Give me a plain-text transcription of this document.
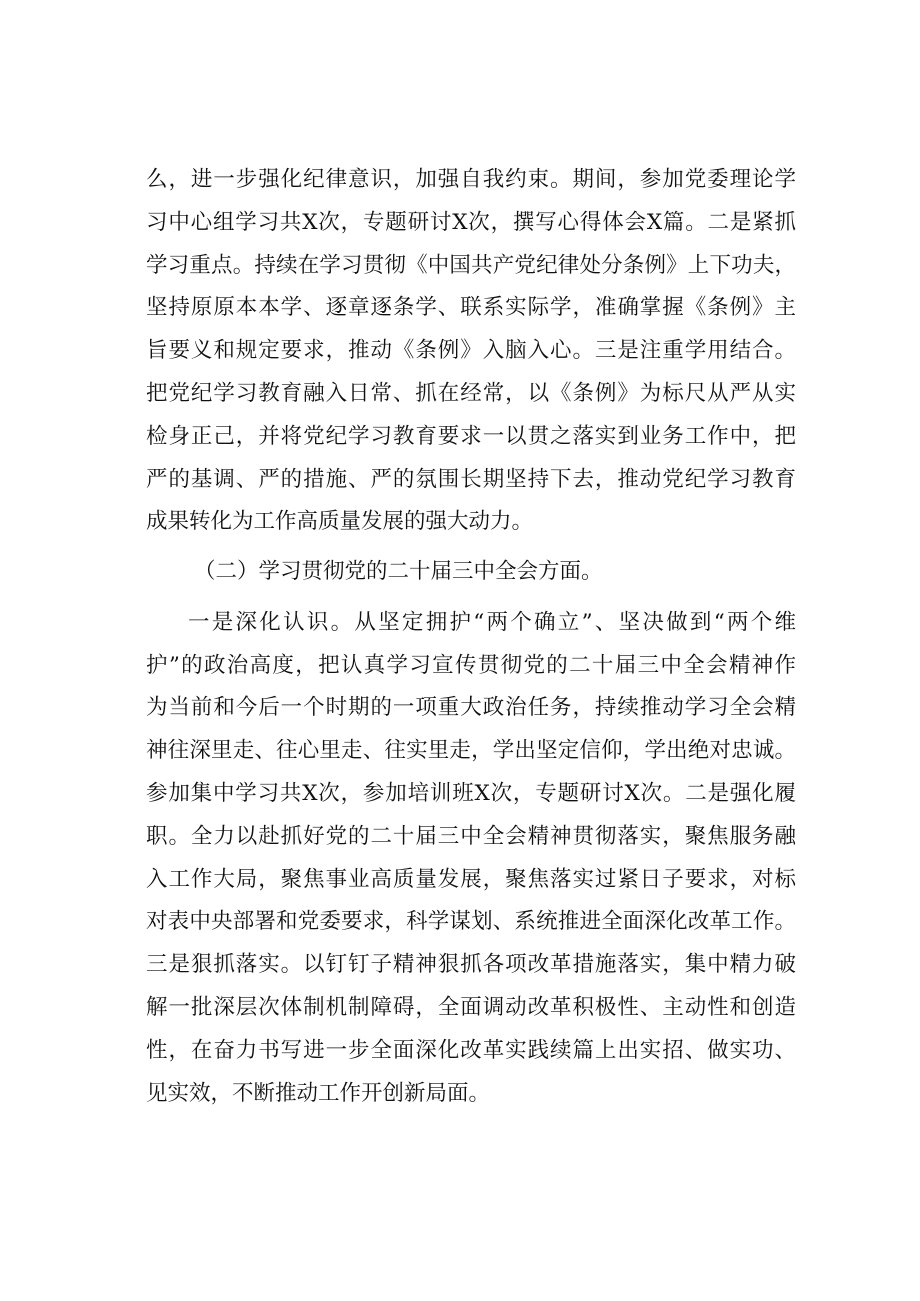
么，进一步强化纪律意识，加强自我约束。期间，参加党委理论学
习中心组学习共X次，专题研讨X次，撰写心得体会X篇。二是紧抓
学习重点。持续在学习贯彻《中国共产党纪律处分条例》上下功夫，
坚持原原本本学、逐章逐条学、联系实际学，准确掌握《条例》主
旨要义和规定要求，推动《条例》入脑入心。三是注重学用结合。
把党纪学习教育融入日常、抓在经常，以《条例》为标尺从严从实
检身正己，并将党纪学习教育要求一以贯之落实到业务工作中，把
严的基调、严的措施、严的氛围长期坚持下去，推动党纪学习教育
成果转化为工作高质量发展的强大动力。
（二）学习贯彻党的二十届三中全会方面。
一是深化认识。从坚定拥护“两个确立”、坚决做到“两个维
护”的政治高度，把认真学习宣传贯彻党的二十届三中全会精神作
为当前和今后一个时期的一项重大政治任务，持续推动学习全会精
神往深里走、往心里走、往实里走，学出坚定信仰，学出绝对忠诚。
参加集中学习共X次，参加培训班X次，专题研讨X次。二是强化履
职。全力以赴抓好党的二十届三中全会精神贯彻落实，聚焦服务融
入工作大局，聚焦事业高质量发展，聚焦落实过紧日子要求，对标
对表中央部署和党委要求，科学谋划、系统推进全面深化改革工作。
三是狠抓落实。以钉钉子精神狠抓各项改革措施落实，集中精力破
解一批深层次体制机制障碍，全面调动改革积极性、主动性和创造
性，在奋力书写进一步全面深化改革实践续篇上出实招、做实功、
见实效，不断推动工作开创新局面。
